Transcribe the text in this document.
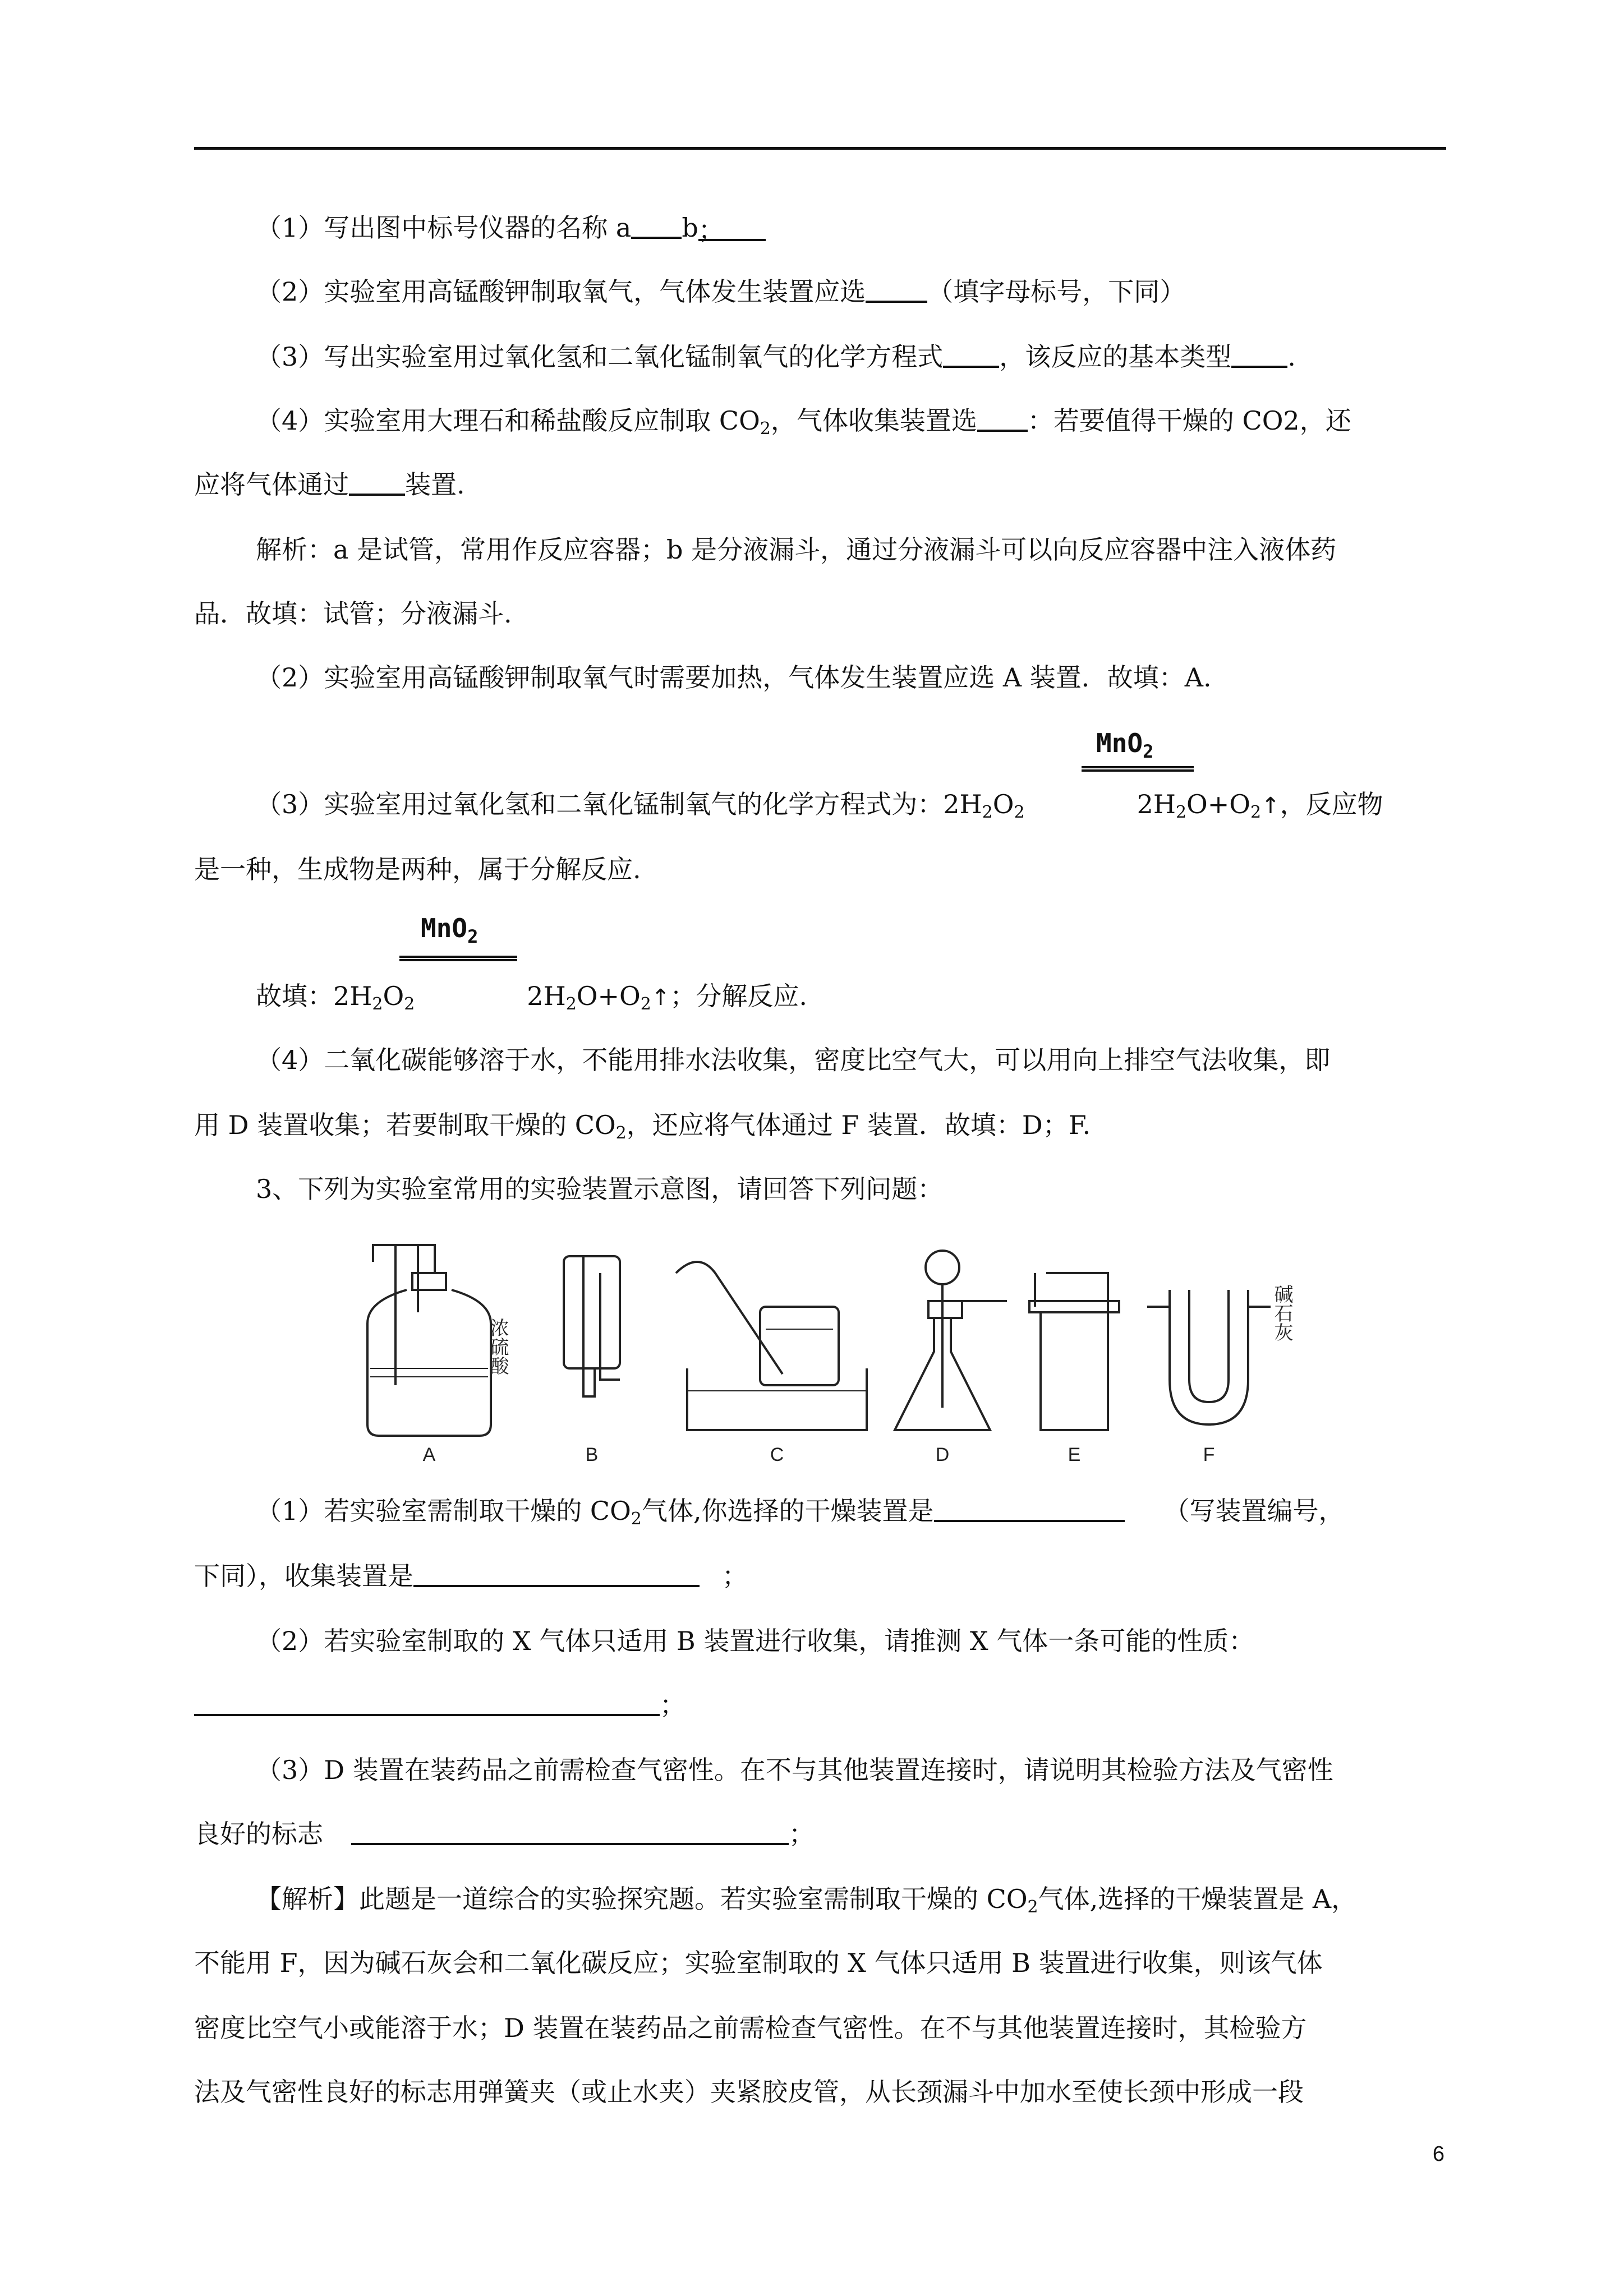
（1）写出图中标号仪器的名称 a b；
（2）实验室用高锰酸钾制取氧气，气体发生装置应选 （填字母标号，下同）
（3）写出实验室用过氧化氢和二氧化锰制氧气的化学方程式 ，该反应的基本类型 .
（4）实验室用大理石和稀盐酸反应制取 $CO_2$，气体收集装置选 ：若要值得干燥的 CO2，还
应将气体通过 装置.
解析：a 是试管，常用作反应容器；b 是分液漏斗，通过分液漏斗可以向反应容器中注入液体药
品．故填：试管；分液漏斗.
（2）实验室用高锰酸钾制取氧气时需要加热，气体发生装置应选 A 装置．故填：A.
MnO$_2$
（3）实验室用过氧化氢和二氧化锰制氧气的化学方程式为：$2H_2O_2$	$2H_2O+O_2↑$，反应物
是一种，生成物是两种，属于分解反应.
MnO$_2$
故填：$2H_2O_2$	$2H_2O+O_2↑$；分解反应.
（4）二氧化碳能够溶于水，不能用排水法收集，密度比空气大，可以用向上排空气法收集，即
用 D 装置收集；若要制取干燥的 $CO_2$，还应将气体通过 F 装置．故填：D；F.
3、下列为实验室常用的实验装置示意图，请回答下列问题：
A	B	C	D	E	F
浓硫酸
碱石灰
（1）若实验室需制取干燥的 $CO_2$气体,你选择的干燥装置是	（写装置编号，
下同），收集装置是	；
（2）若实验室制取的 X 气体只适用 B 装置进行收集，请推测 X 气体一条可能的性质：
；
（3）D 装置在装药品之前需检查气密性。在不与其他装置连接时，请说明其检验方法及气密性
良好的标志	；
【解析】此题是一道综合的实验探究题。若实验室需制取干燥的 $CO_2$气体,选择的干燥装置是 A，
不能用 F，因为碱石灰会和二氧化碳反应；实验室制取的 X 气体只适用 B 装置进行收集，则该气体
密度比空气小或能溶于水；D 装置在装药品之前需检查气密性。在不与其他装置连接时，其检验方
法及气密性良好的标志用弹簧夹（或止水夹）夹紧胶皮管，从长颈漏斗中加水至使长颈中形成一段
6
